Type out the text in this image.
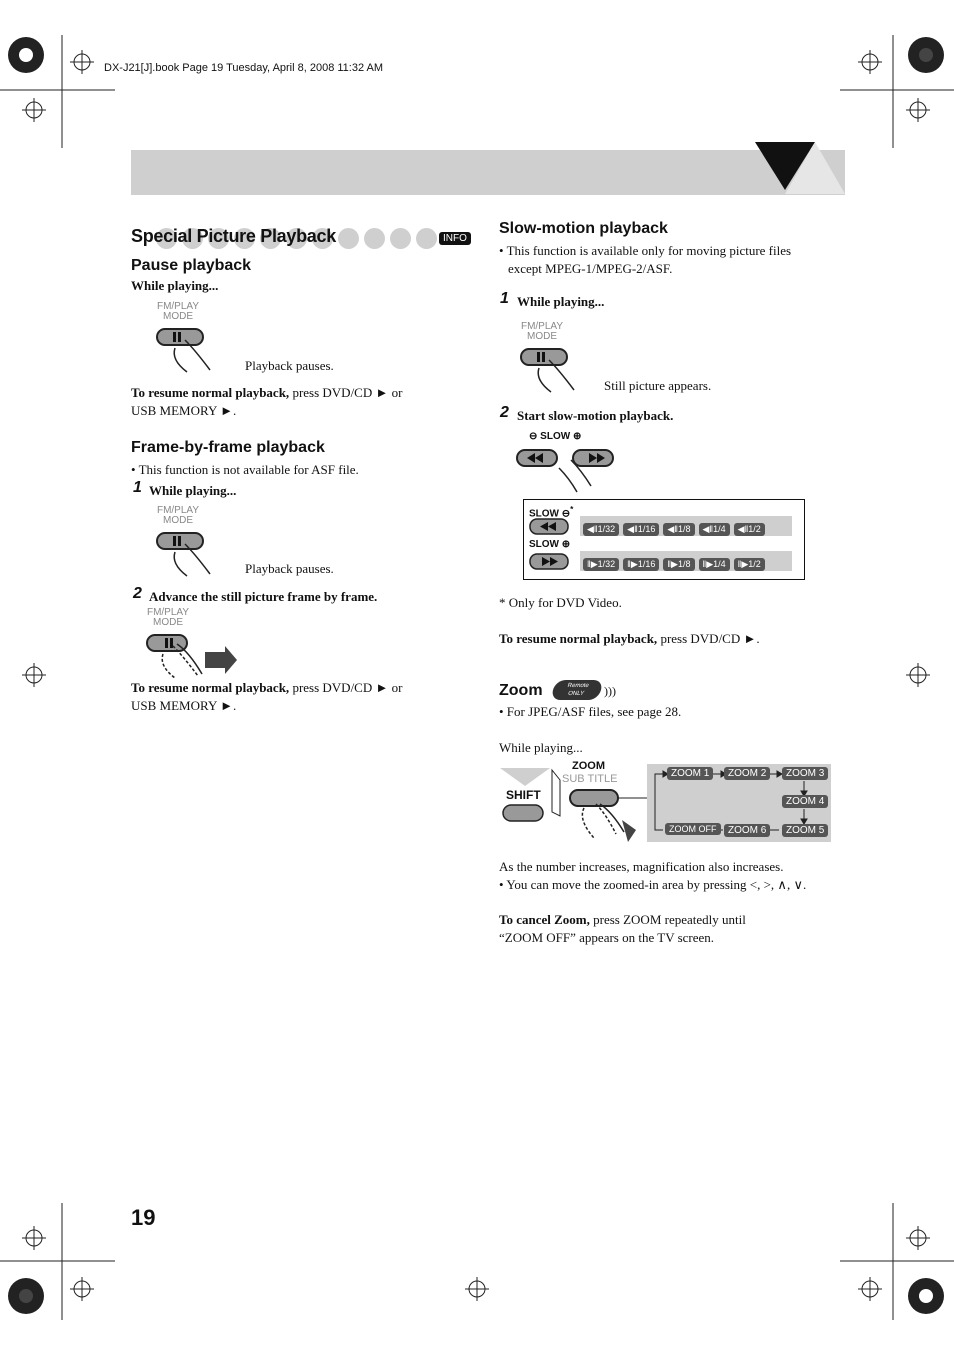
DX-J21[J].book Page 19 Tuesday, April 8, 2008 11:32 AM
Special Picture Playback	INFO
Pause playback
While playing...
FM/PLAY
MODE
Playback pauses.
To resume normal playback, press DVD/CD ► or
USB MEMORY ►.
Frame-by-frame playback
• This function is not available for ASF file.
1 While playing...
FM/PLAY
MODE
Playback pauses.
2 Advance the still picture frame by frame.
FM/PLAY
MODE
To resume normal playback, press DVD/CD ► or
USB MEMORY ►.
Slow-motion playback
• This function is available only for moving picture files
except MPEG-1/MPEG-2/ASF.
1 While playing...
FM/PLAY
MODE
Still picture appears.
2 Start slow-motion playback.
⊖ SLOW ⊕
SLOW ⊖*
◀‖1/32 ◀‖1/16 ◀‖1/8 ◀‖1/4 ◀‖1/2
SLOW ⊕
‖▶1/32 ‖▶1/16 ‖▶1/8 ‖▶1/4 ‖▶1/2
* Only for DVD Video.
To resume normal playback, press DVD/CD ►.
Zoom	Remote
ONLY	)))
• For JPEG/ASF files, see page 28.
While playing...
SHIFT
ZOOM
SUB TITLE	ZOOM 1	ZOOM 2	ZOOM 3
ZOOM 4
ZOOM 5
ZOOM 6
ZOOM OFF
As the number increases, magnification also increases.
• You can move the zoomed-in area by pressing <, >, ∧, ∨.
To cancel Zoom, press ZOOM repeatedly until
“ZOOM OFF” appears on the TV screen.
19
